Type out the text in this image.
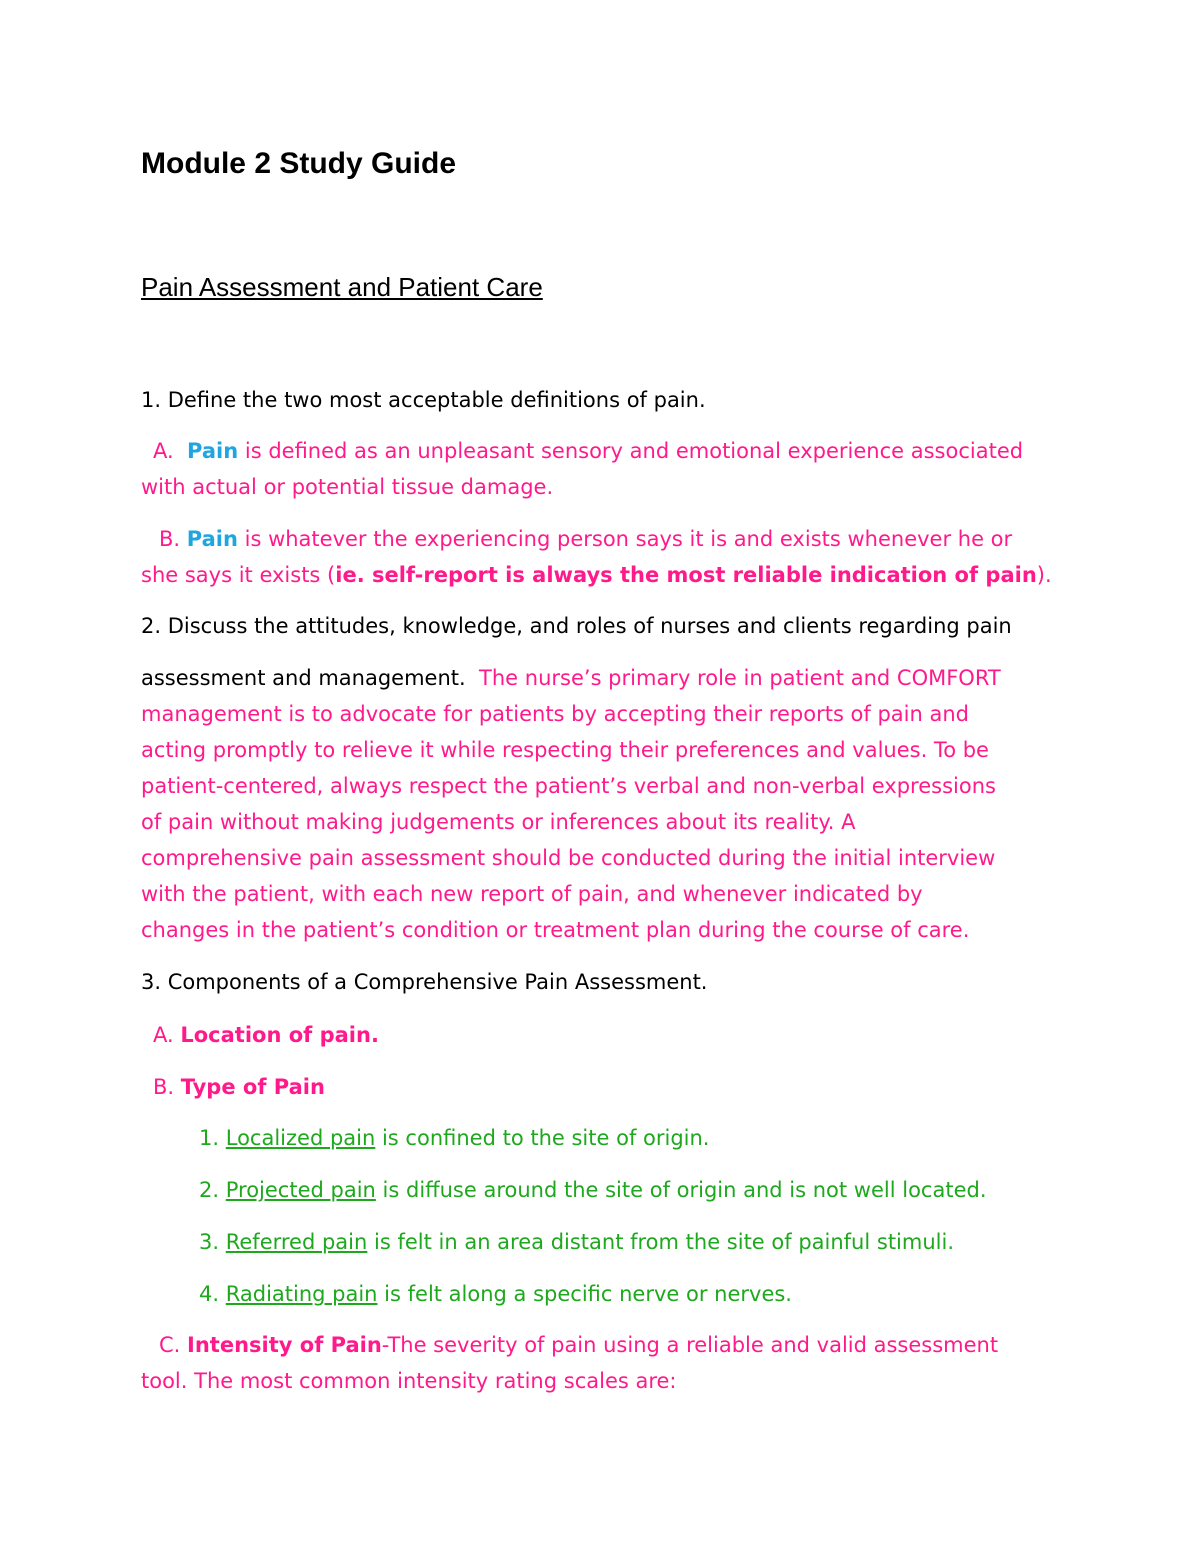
Module 2 Study Guide
Pain Assessment and Patient Care
1. Define the two most acceptable definitions of pain.
A. Pain is defined as an unpleasant sensory and emotional experience associated
with actual or potential tissue damage.
B. Pain is whatever the experiencing person says it is and exists whenever he or
she says it exists (ie. self-report is always the most reliable indication of pain).
2. Discuss the attitudes, knowledge, and roles of nurses and clients regarding pain
assessment and management. The nurse’s primary role in patient and COMFORT
management is to advocate for patients by accepting their reports of pain and
acting promptly to relieve it while respecting their preferences and values. To be
patient-centered, always respect the patient’s verbal and non-verbal expressions
of pain without making judgements or inferences about its reality. A
comprehensive pain assessment should be conducted during the initial interview
with the patient, with each new report of pain, and whenever indicated by
changes in the patient’s condition or treatment plan during the course of care.
3. Components of a Comprehensive Pain Assessment.
A. Location of pain.
B. Type of Pain
1. Localized pain is confined to the site of origin.
2. Projected pain is diffuse around the site of origin and is not well located.
3. Referred pain is felt in an area distant from the site of painful stimuli.
4. Radiating pain is felt along a specific nerve or nerves.
C. Intensity of Pain-The severity of pain using a reliable and valid assessment
tool. The most common intensity rating scales are:
